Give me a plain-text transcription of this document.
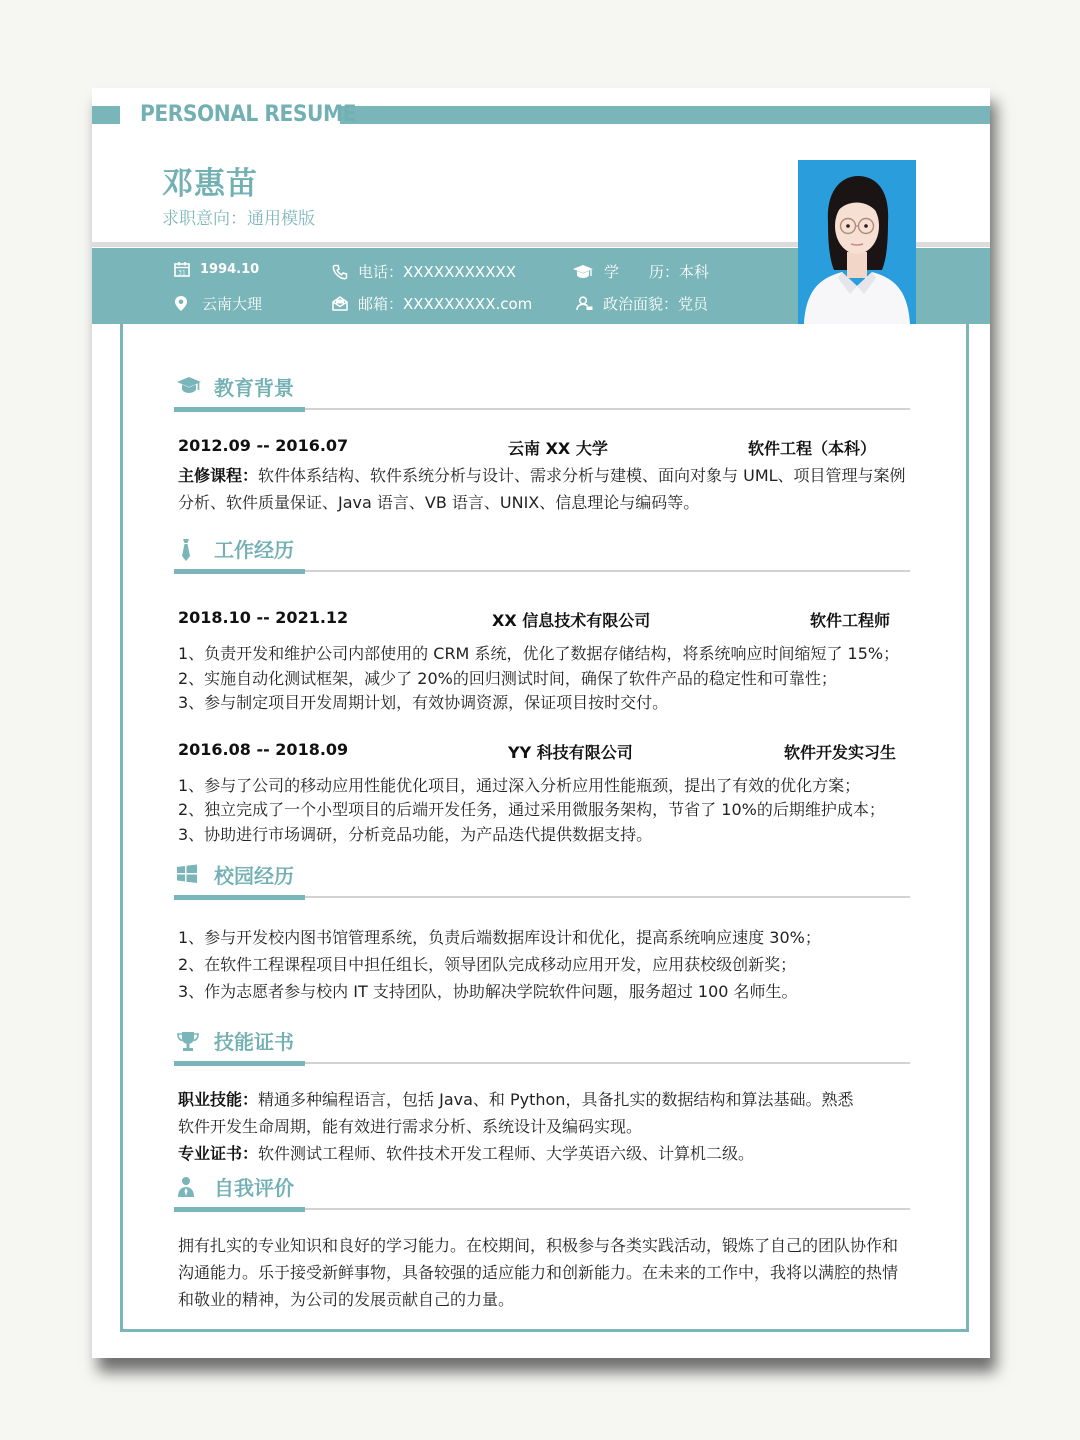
PERSONAL RESUME
邓惠苗
求职意向：通用模版
31 1994.10
云南大理
电话：XXXXXXXXXXX
邮箱：XXXXXXXXX.com
学　　历：本科
政治面貌：党员
教育背景
2012.09 -- 2016.07	云南 XX 大学	软件工程（本科）

主修课程：软件体系结构、软件系统分析与设计、需求分析与建模、面向对象与 UML、项目管理与案例分析、软件质量保证、Java 语言、VB 语言、UNIX、信息理论与编码等。

工作经历
2018.10 -- 2021.12	XX 信息技术有限公司	软件工程师

1、负责开发和维护公司内部使用的 CRM 系统，优化了数据存储结构，将系统响应时间缩短了 15%；

2、实施自动化测试框架，减少了 20%的回归测试时间，确保了软件产品的稳定性和可靠性；

3、参与制定项目开发周期计划，有效协调资源，保证项目按时交付。

2016.08 -- 2018.09	YY 科技有限公司	软件开发实习生

1、参与了公司的移动应用性能优化项目，通过深入分析应用性能瓶颈，提出了有效的优化方案；

2、独立完成了一个小型项目的后端开发任务，通过采用微服务架构，节省了 10%的后期维护成本；

3、协助进行市场调研，分析竞品功能，为产品迭代提供数据支持。

校园经历

1、参与开发校内图书馆管理系统，负责后端数据库设计和优化，提高系统响应速度 30%；

2、在软件工程课程项目中担任组长，领导团队完成移动应用开发，应用获校级创新奖；

3、作为志愿者参与校内 IT 支持团队，协助解决学院软件问题，服务超过 100 名师生。

技能证书

职业技能：精通多种编程语言，包括 Java、和 Python，具备扎实的数据结构和算法基础。熟悉软件开发生命周期，能有效进行需求分析、系统设计及编码实现。

专业证书：软件测试工程师、软件技术开发工程师、大学英语六级、计算机二级。

自我评价

拥有扎实的专业知识和良好的学习能力。在校期间，积极参与各类实践活动，锻炼了自己的团队协作和沟通能力。乐于接受新鲜事物，具备较强的适应能力和创新能力。在未来的工作中，我将以满腔的热情和敬业的精神，为公司的发展贡献自己的力量。
